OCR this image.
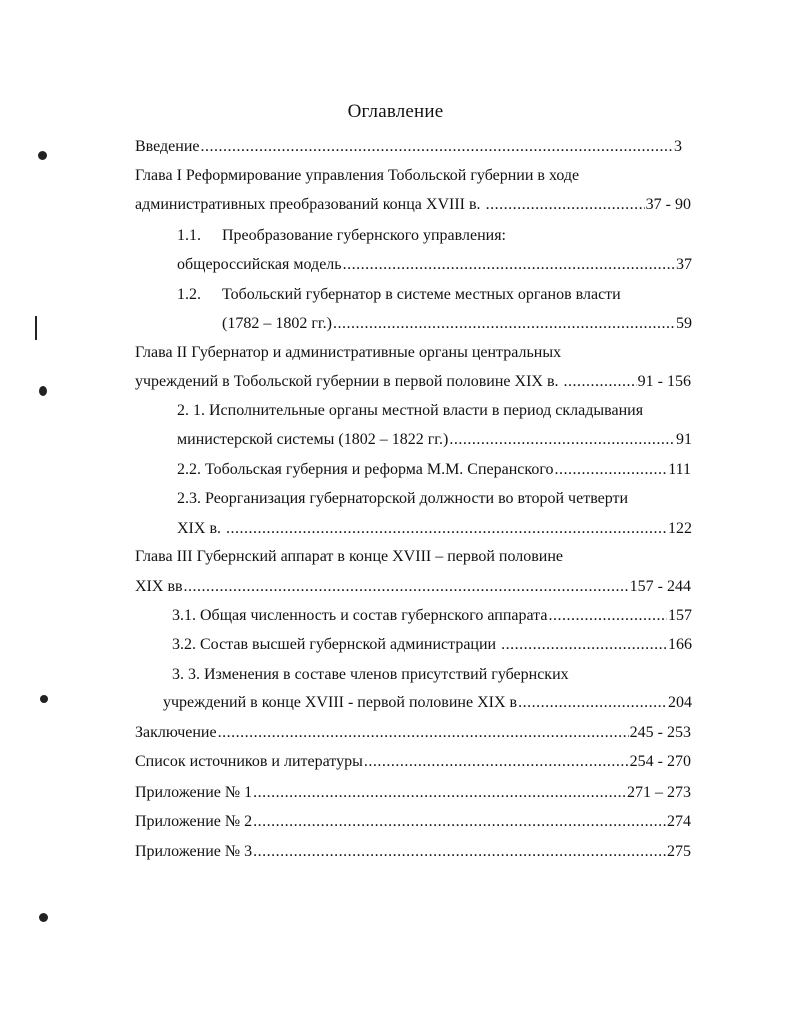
Оглавление
Введение .....	3
Глава I Реформирование управления Тобольской губернии в ходе
административных преобразований конца XVIII в. .....	37 - 90
1.1. Преобразование губернского управления:
общероссийская модель .....	37
1.2. Тобольский губернатор в системе местных органов власти
(1782 – 1802 гг.) .....	59
Глава II Губернатор и административные органы центральных
учреждений в Тобольской губернии в первой половине XIX в. .....	91 - 156
2. 1. Исполнительные органы местной власти в период складывания
министерской системы (1802 – 1822 гг.) .....	91
2.2. Тобольская губерния и реформа М.М. Сперанского .....	111
2.3. Реорганизация губернаторской должности во второй четверти
XIX в. .....	122
Глава III Губернский аппарат в конце XVIII – первой половине
XIX вв .....	157 - 244
3.1. Общая численность и состав губернского аппарата .....	157
3.2. Состав высшей губернской администрации .....	166
3. 3. Изменения в составе членов присутствий губернских
учреждений в конце XVIII - первой половине XIX в .....	204
Заключение .....	245 - 253
Список источников и литературы .....	254 - 270
Приложение № 1 .....	271 – 273
Приложение № 2 .....	274
Приложение № 3 .....	275
